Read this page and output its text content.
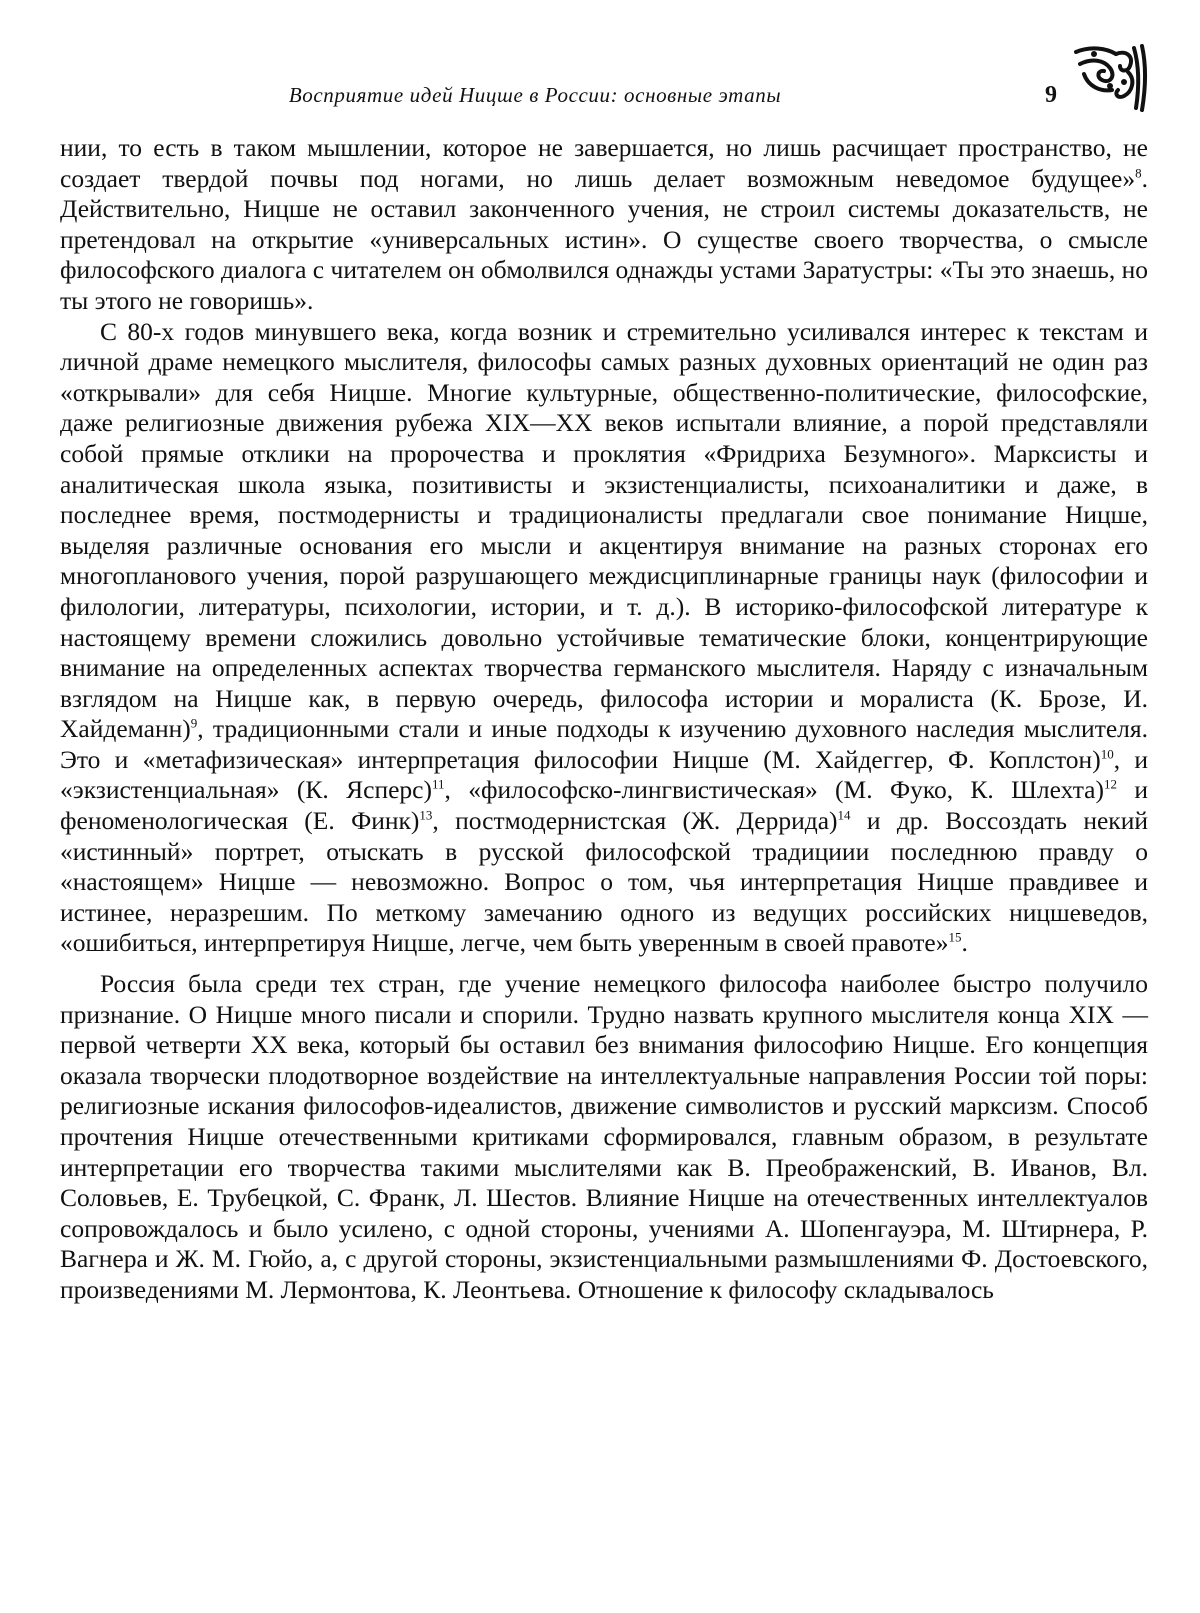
Восприятие идей Ницше в России: основные этапы	9

нии, то есть в таком мышлении, которое не завершается, но лишь расчищает пространство, не создает твердой почвы под ногами, но лишь делает возможным неведомое будущее»$^8$. Действительно, Ницше не оставил законченного учения, не строил системы доказательств, не претендовал на открытие «универсальных истин». О существе своего творчества, о смысле философского диалога с читателем он обмолвился однажды устами Заратустры: «Ты это знаешь, но ты этого не говоришь».

С 80-х годов минувшего века, когда возник и стремительно усиливался интерес к текстам и личной драме немецкого мыслителя, философы самых разных духовных ориентаций не один раз «открывали» для себя Ницше. Многие культурные, общественно-политические, философские, даже религиозные движения рубежа XIX—XX веков испытали влияние, а порой представляли собой прямые отклики на пророчества и проклятия «Фридриха Безумного». Марксисты и аналитическая школа языка, позитивисты и экзистенциалисты, психоаналитики и даже, в последнее время, постмодернисты и традиционалисты предлагали свое понимание Ницше, выделяя различные основания его мысли и акцентируя внимание на разных сторонах его многопланового учения, порой разрушающего междисциплинарные границы наук (философии и филологии, литературы, психологии, истории, и т. д.). В историко-философской литературе к настоящему времени сложились довольно устойчивые тематические блоки, концентрирующие внимание на определенных аспектах творчества германского мыслителя. Наряду с изначальным взглядом на Ницше как, в первую очередь, философа истории и моралиста (К. Брозе, И. Хайдеманн)$^9$, традиционными стали и иные подходы к изучению духовного наследия мыслителя. Это и «метафизическая» интерпретация философии Ницше (М. Хайдеггер, Ф. Коплстон)$^{10}$, и «экзистенциальная» (К. Ясперс)$^{11}$, «философско-лингвистическая» (М. Фуко, К. Шлехта)$^{12}$ и феноменологическая (Е. Финк)$^{13}$, постмодернистская (Ж. Деррида)$^{14}$ и др. Воссоздать некий «истинный» портрет, отыскать в русской философской традициии последнюю правду о «настоящем» Ницше — невозможно. Вопрос о том, чья интерпретация Ницше правдивее и истинее, неразрешим. По меткому замечанию одного из ведущих российских ницшеведов, «ошибиться, интерпретируя Ницше, легче, чем быть уверенным в своей правоте»$^{15}$.

Россия была среди тех стран, где учение немецкого философа наиболее быстро получило признание. О Ницше много писали и спорили. Трудно назвать крупного мыслителя конца XIX — первой четверти XX века, который бы оставил без внимания философию Ницше. Его концепция оказала творчески плодотворное воздействие на интеллектуальные направления России той поры: религиозные искания философов-идеалистов, движение символистов и русский марксизм. Способ прочтения Ницше отечественными критиками сформировался, главным образом, в результате интерпретации его творчества такими мыслителями как В. Преображенский, В. Иванов, Вл. Соловьев, Е. Трубецкой, С. Франк, Л. Шестов. Влияние Ницше на отечественных интеллектуалов сопровождалось и было усилено, с одной стороны, учениями А. Шопенгауэра, М. Штирнера, Р. Вагнера и Ж. М. Гюйо, а, с другой стороны, экзистенциальными размышлениями Ф. Достоевского, произведениями М. Лермонтова, К. Леонтьева. Отношение к философу складывалось
